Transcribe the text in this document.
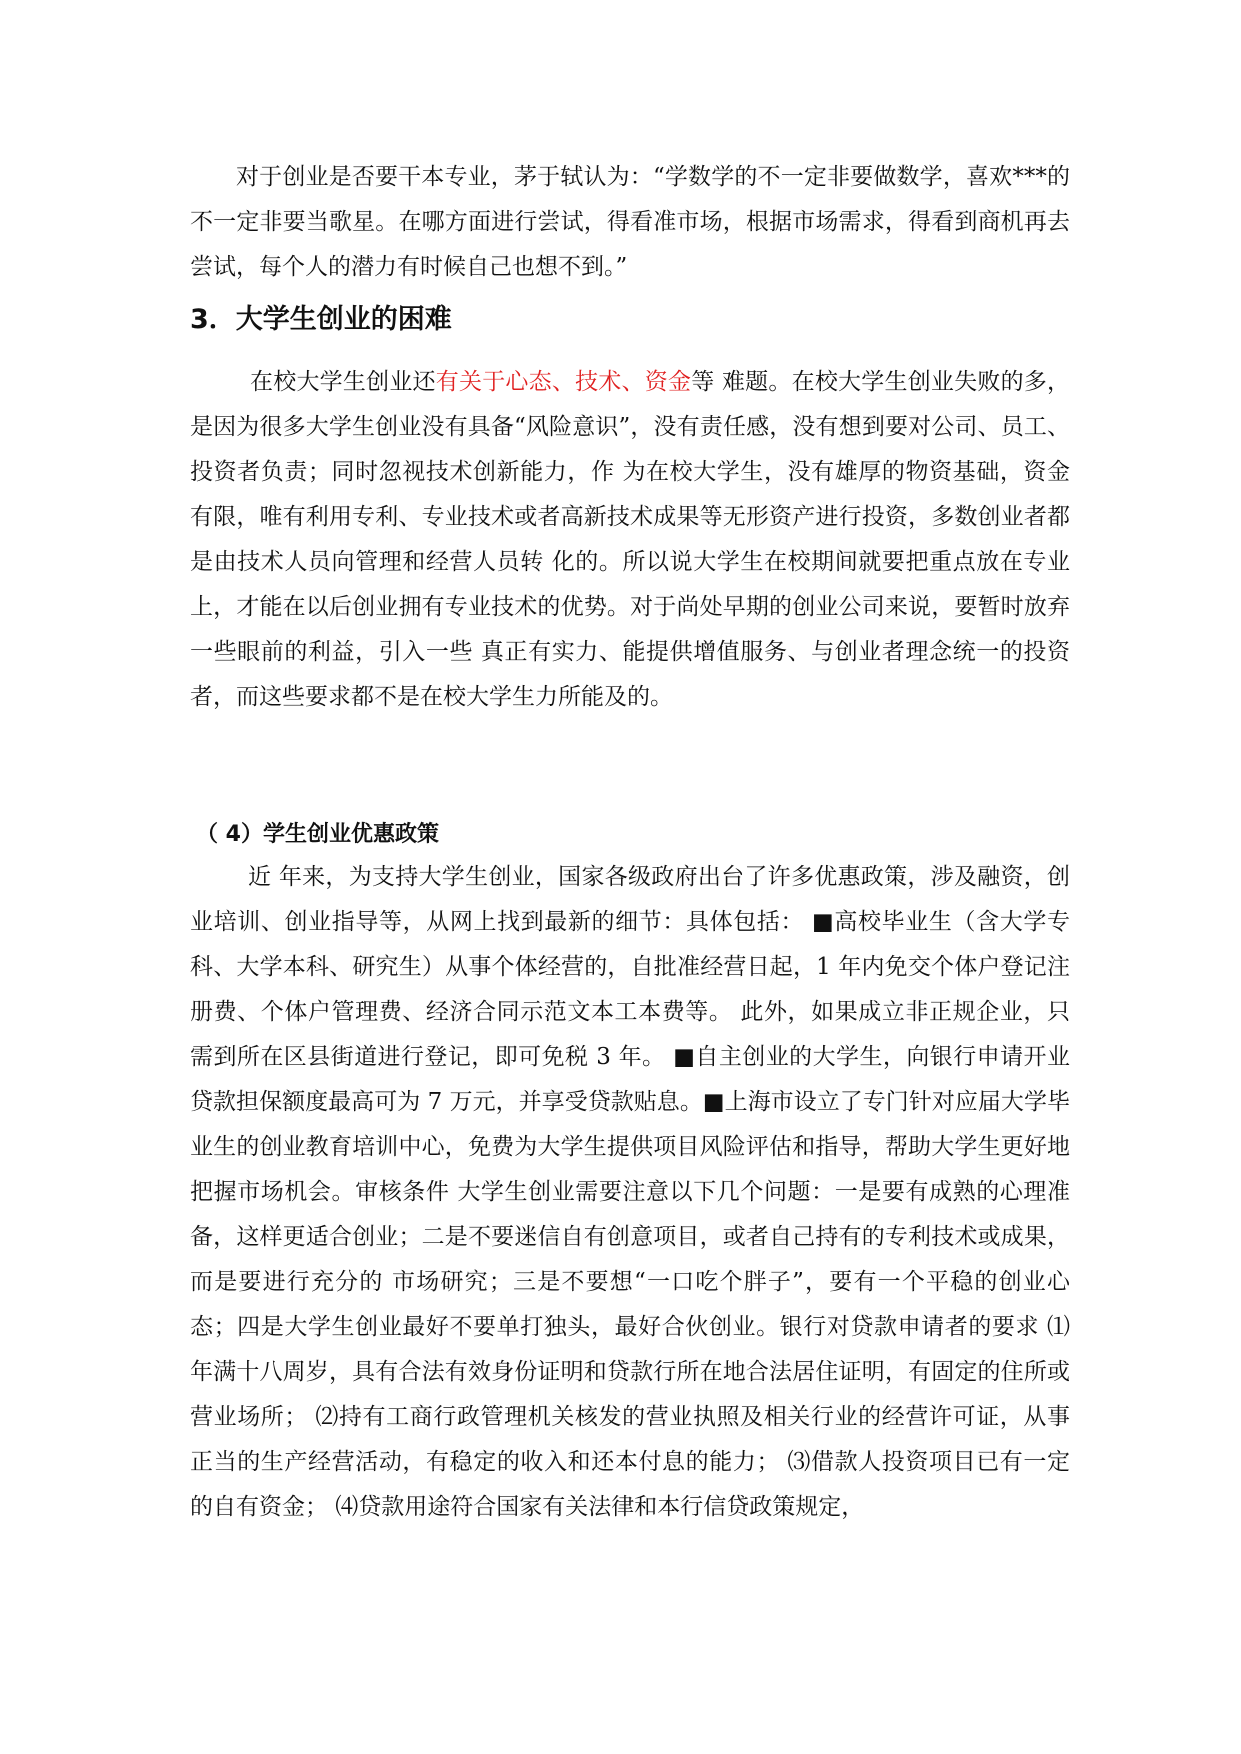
对于创业是否要干本专业，茅于轼认为：“学数学的不一定非要做数学，喜欢***的不一定非要当歌星。在哪方面进行尝试，得看准市场，根据市场需求，得看到商机再去尝试，每个人的潜力有时候自己也想不到。”

3．大学生创业的困难

在校大学生创业还有关于心态、技术、资金等 难题。在校大学生创业失败的多，是因为很多大学生创业没有具备“风险意识”，没有责任感，没有想到要对公司、员工、投资者负责；同时忽视技术创新能力，作 为在校大学生，没有雄厚的物资基础，资金有限，唯有利用专利、专业技术或者高新技术成果等无形资产进行投资，多数创业者都是由技术人员向管理和经营人员转 化的。所以说大学生在校期间就要把重点放在专业上，才能在以后创业拥有专业技术的优势。对于尚处早期的创业公司来说，要暂时放弃一些眼前的利益，引入一些 真正有实力、能提供增值服务、与创业者理念统一的投资者，而这些要求都不是在校大学生力所能及的。

（ 4）学生创业优惠政策

近 年来，为支持大学生创业，国家各级政府出台了许多优惠政策，涉及融资，创业培训、创业指导等，从网上找到最新的细节：具体包括： ■高校毕业生（含大学专科、大学本科、研究生）从事个体经营的，自批准经营日起，1 年内免交个体户登记注册费、个体户管理费、经济合同示范文本工本费等。 此外，如果成立非正规企业，只需到所在区县街道进行登记，即可免税 3 年。 ■自主创业的大学生，向银行申请开业贷款担保额度最高可为 7 万元，并享受贷款贴息。■上海市设立了专门针对应届大学毕业生的创业教育培训中心，免费为大学生提供项目风险评估和指导，帮助大学生更好地把握市场机会。审核条件 大学生创业需要注意以下几个问题：一是要有成熟的心理准备，这样更适合创业；二是不要迷信自有创意项目，或者自己持有的专利技术或成果，而是要进行充分的 市场研究；三是不要想“一口吃个胖子”，要有一个平稳的创业心态；四是大学生创业最好不要单打独头，最好合伙创业。银行对贷款申请者的要求 ⑴年满十八周岁，具有合法有效身份证明和贷款行所在地合法居住证明，有固定的住所或营业场所； ⑵持有工商行政管理机关核发的营业执照及相关行业的经营许可证，从事正当的生产经营活动，有稳定的收入和还本付息的能力； ⑶借款人投资项目已有一定的自有资金； ⑷贷款用途符合国家有关法律和本行信贷政策规定，
